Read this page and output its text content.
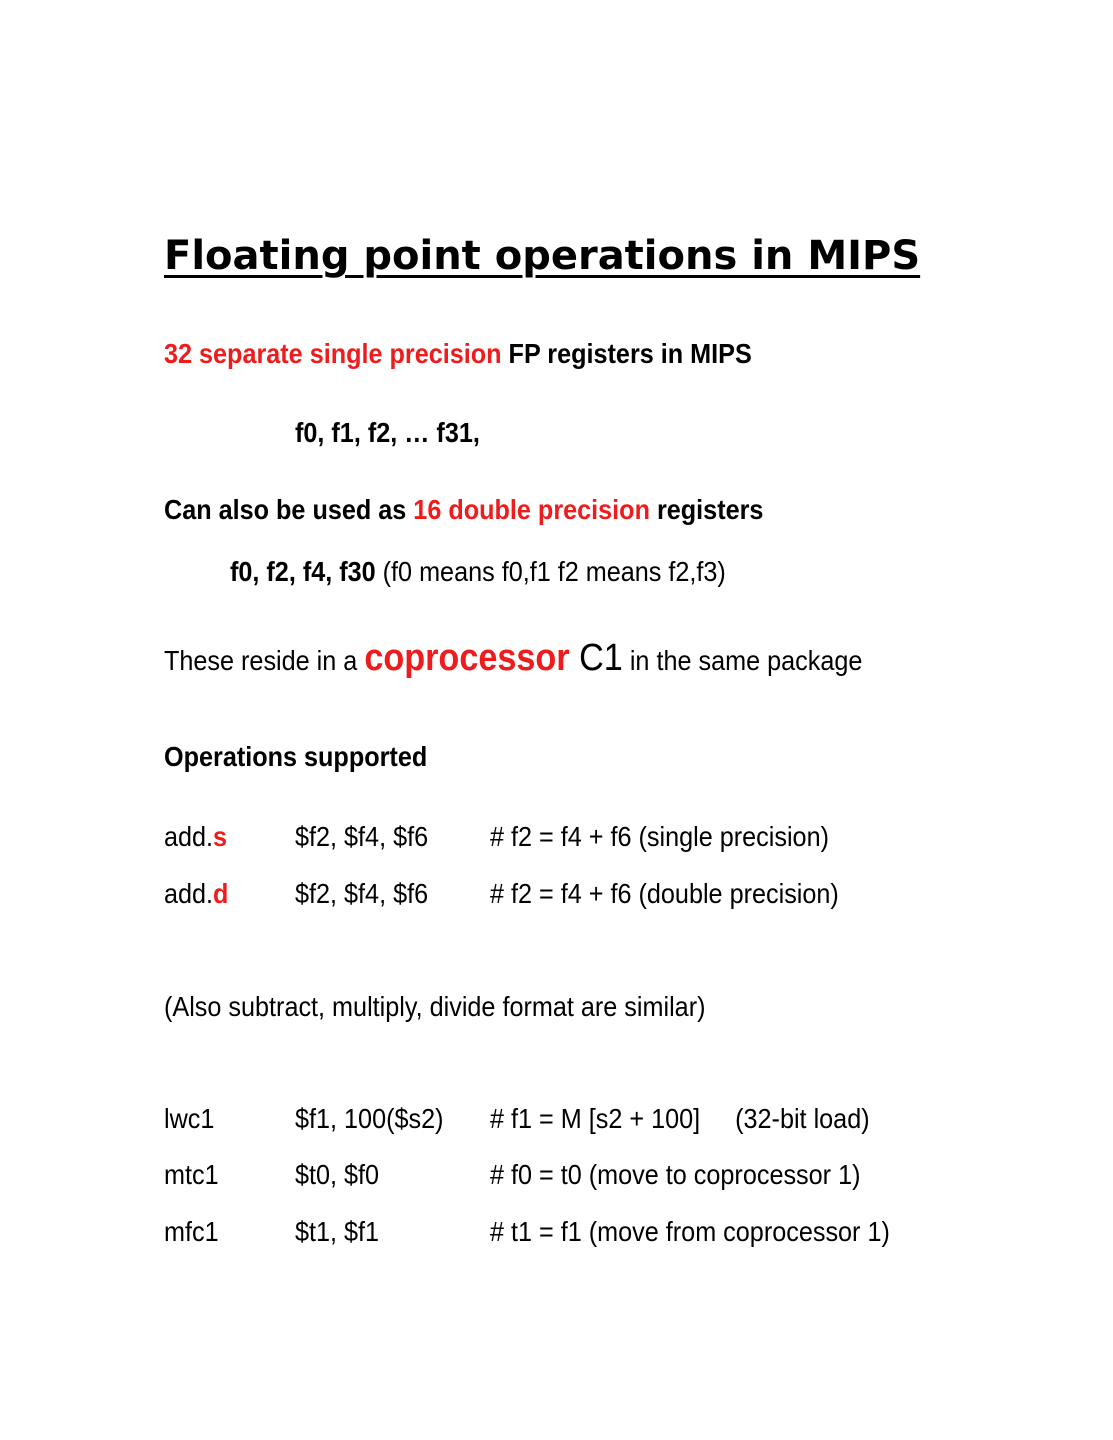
Floating point operations in MIPS
32 separate single precision FP registers in MIPS
f0, f1, f2, … f31,
Can also be used as 16 double precision registers
f0, f2, f4, f30 (f0 means f0,f1 f2 means f2,f3)
These reside in a coprocessor C1 in the same package
Operations supported
add.s $f2, $f4, $f6 # f2 = f4 + f6 (single precision)
add.d $f2, $f4, $f6 # f2 = f4 + f6 (double precision)
(Also subtract, multiply, divide format are similar)
lwc1	$f1, 100($s2) # f1 = M [s2 + 100]     (32-bit load)
mtc1	$t0, $f0	# f0 = t0 (move to coprocessor 1)
mfc1	$t1, $f1	# t1 = f1 (move from coprocessor 1)
